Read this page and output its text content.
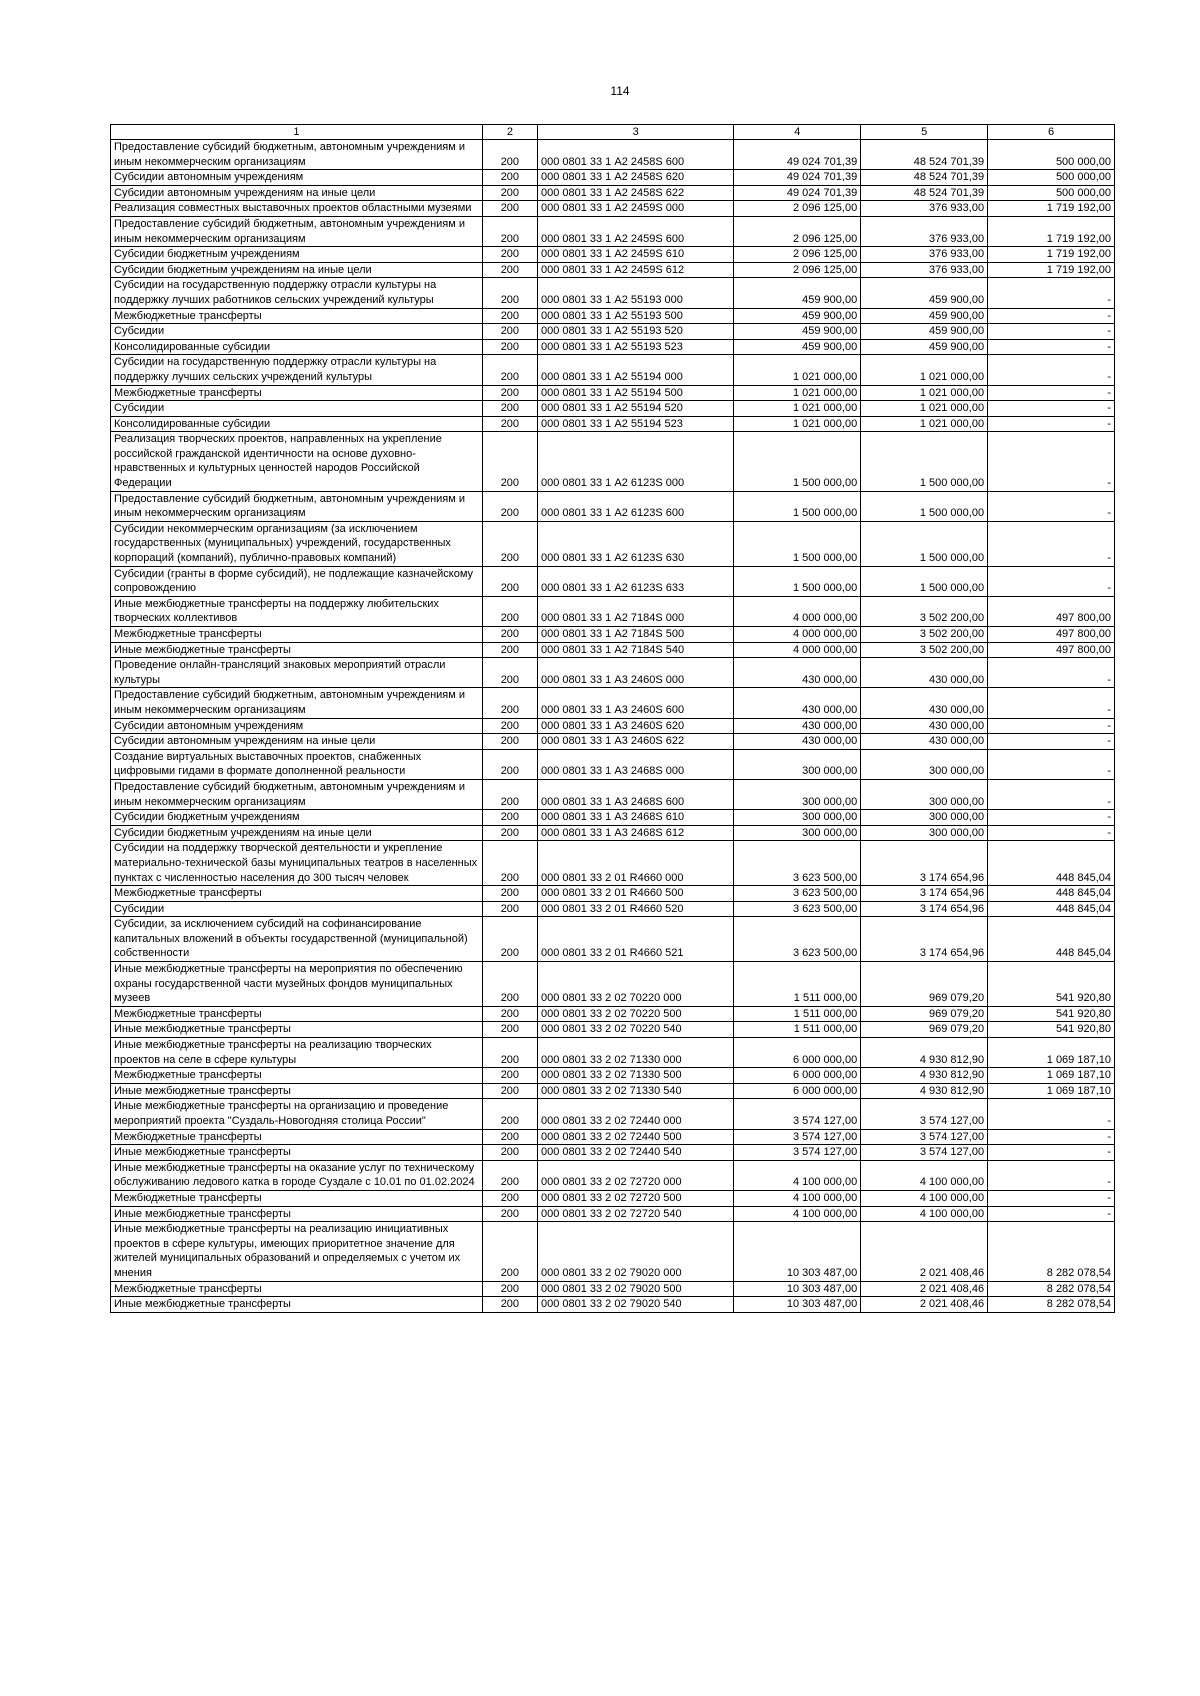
114
1	2	3	4	5	6
Предоставление субсидий бюджетным, автономным учреждениям и иным некоммерческим организациям	200	000 0801 33 1 А2 2458S 600	49 024 701,39	48 524 701,39	500 000,00
Субсидии автономным учреждениям	200	000 0801 33 1 А2 2458S 620	49 024 701,39	48 524 701,39	500 000,00
Субсидии автономным учреждениям на иные цели	200	000 0801 33 1 А2 2458S 622	49 024 701,39	48 524 701,39	500 000,00
Реализация совместных выставочных проектов областными музеями	200	000 0801 33 1 А2 2459S 000	2 096 125,00	376 933,00	1 719 192,00
Предоставление субсидий бюджетным, автономным учреждениям и иным некоммерческим организациям	200	000 0801 33 1 А2 2459S 600	2 096 125,00	376 933,00	1 719 192,00
Субсидии бюджетным учреждениям	200	000 0801 33 1 А2 2459S 610	2 096 125,00	376 933,00	1 719 192,00
Субсидии бюджетным учреждениям на иные цели	200	000 0801 33 1 А2 2459S 612	2 096 125,00	376 933,00	1 719 192,00
Субсидии на государственную поддержку отрасли культуры на поддержку лучших работников сельских учреждений культуры	200	000 0801 33 1 А2 55193 000	459 900,00	459 900,00	-
Межбюджетные трансферты	200	000 0801 33 1 А2 55193 500	459 900,00	459 900,00	-
Субсидии	200	000 0801 33 1 А2 55193 520	459 900,00	459 900,00	-
Консолидированные субсидии	200	000 0801 33 1 А2 55193 523	459 900,00	459 900,00	-
Субсидии на государственную поддержку отрасли культуры на поддержку лучших сельских учреждений культуры	200	000 0801 33 1 А2 55194 000	1 021 000,00	1 021 000,00	-
Межбюджетные трансферты	200	000 0801 33 1 А2 55194 500	1 021 000,00	1 021 000,00	-
Субсидии	200	000 0801 33 1 А2 55194 520	1 021 000,00	1 021 000,00	-
Консолидированные субсидии	200	000 0801 33 1 А2 55194 523	1 021 000,00	1 021 000,00	-
Реализация творческих проектов, направленных на укрепление российской гражданской идентичности на основе духовно-нравственных и культурных ценностей народов Российской Федерации	200	000 0801 33 1 А2 6123S 000	1 500 000,00	1 500 000,00	-
Предоставление субсидий бюджетным, автономным учреждениям и иным некоммерческим организациям	200	000 0801 33 1 А2 6123S 600	1 500 000,00	1 500 000,00	-
Субсидии некоммерческим организациям (за исключением государственных (муниципальных) учреждений, государственных корпораций (компаний), публично-правовых компаний)	200	000 0801 33 1 А2 6123S 630	1 500 000,00	1 500 000,00	-
Субсидии (гранты в форме субсидий), не подлежащие казначейскому сопровождению	200	000 0801 33 1 А2 6123S 633	1 500 000,00	1 500 000,00	-
Иные межбюджетные трансферты на поддержку любительских творческих коллективов	200	000 0801 33 1 А2 7184S 000	4 000 000,00	3 502 200,00	497 800,00
Межбюджетные трансферты	200	000 0801 33 1 А2 7184S 500	4 000 000,00	3 502 200,00	497 800,00
Иные межбюджетные трансферты	200	000 0801 33 1 А2 7184S 540	4 000 000,00	3 502 200,00	497 800,00
Проведение онлайн-трансляций знаковых мероприятий отрасли культуры	200	000 0801 33 1 А3 2460S 000	430 000,00	430 000,00	-
Предоставление субсидий бюджетным, автономным учреждениям и иным некоммерческим организациям	200	000 0801 33 1 А3 2460S 600	430 000,00	430 000,00	-
Субсидии автономным учреждениям	200	000 0801 33 1 А3 2460S 620	430 000,00	430 000,00	-
Субсидии автономным учреждениям на иные цели	200	000 0801 33 1 А3 2460S 622	430 000,00	430 000,00	-
Создание виртуальных выставочных проектов, снабженных цифровыми гидами в формате дополненной реальности	200	000 0801 33 1 А3 2468S 000	300 000,00	300 000,00	-
Предоставление субсидий бюджетным, автономным учреждениям и иным некоммерческим организациям	200	000 0801 33 1 А3 2468S 600	300 000,00	300 000,00	-
Субсидии бюджетным учреждениям	200	000 0801 33 1 А3 2468S 610	300 000,00	300 000,00	-
Субсидии бюджетным учреждениям на иные цели	200	000 0801 33 1 А3 2468S 612	300 000,00	300 000,00	-
Субсидии на поддержку творческой деятельности и укрепление материально-технической базы муниципальных театров в населенных пунктах с численностью населения до 300 тысяч человек	200	000 0801 33 2 01 R4660 000	3 623 500,00	3 174 654,96	448 845,04
Межбюджетные трансферты	200	000 0801 33 2 01 R4660 500	3 623 500,00	3 174 654,96	448 845,04
Субсидии	200	000 0801 33 2 01 R4660 520	3 623 500,00	3 174 654,96	448 845,04
Субсидии, за исключением субсидий на софинансирование капитальных вложений в объекты государственной (муниципальной) собственности	200	000 0801 33 2 01 R4660 521	3 623 500,00	3 174 654,96	448 845,04
Иные межбюджетные трансферты на мероприятия по обеспечению охраны государственной части музейных фондов муниципальных музеев	200	000 0801 33 2 02 70220 000	1 511 000,00	969 079,20	541 920,80
Межбюджетные трансферты	200	000 0801 33 2 02 70220 500	1 511 000,00	969 079,20	541 920,80
Иные межбюджетные трансферты	200	000 0801 33 2 02 70220 540	1 511 000,00	969 079,20	541 920,80
Иные межбюджетные трансферты на реализацию творческих проектов на селе в сфере культуры	200	000 0801 33 2 02 71330 000	6 000 000,00	4 930 812,90	1 069 187,10
Межбюджетные трансферты	200	000 0801 33 2 02 71330 500	6 000 000,00	4 930 812,90	1 069 187,10
Иные межбюджетные трансферты	200	000 0801 33 2 02 71330 540	6 000 000,00	4 930 812,90	1 069 187,10
Иные межбюджетные трансферты на организацию и проведение мероприятий проекта "Суздаль-Новогодняя столица России"	200	000 0801 33 2 02 72440 000	3 574 127,00	3 574 127,00	-
Межбюджетные трансферты	200	000 0801 33 2 02 72440 500	3 574 127,00	3 574 127,00	-
Иные межбюджетные трансферты	200	000 0801 33 2 02 72440 540	3 574 127,00	3 574 127,00	-
Иные межбюджетные трансферты на оказание услуг по техническому обслуживанию ледового катка в городе Суздале с 10.01 по 01.02.2024	200	000 0801 33 2 02 72720 000	4 100 000,00	4 100 000,00	-
Межбюджетные трансферты	200	000 0801 33 2 02 72720 500	4 100 000,00	4 100 000,00	-
Иные межбюджетные трансферты	200	000 0801 33 2 02 72720 540	4 100 000,00	4 100 000,00	-
Иные межбюджетные трансферты на реализацию инициативных проектов в сфере культуры, имеющих приоритетное значение для жителей муниципальных образований и определяемых с учетом их мнения	200	000 0801 33 2 02 79020 000	10 303 487,00	2 021 408,46	8 282 078,54
Межбюджетные трансферты	200	000 0801 33 2 02 79020 500	10 303 487,00	2 021 408,46	8 282 078,54
Иные межбюджетные трансферты	200	000 0801 33 2 02 79020 540	10 303 487,00	2 021 408,46	8 282 078,54
